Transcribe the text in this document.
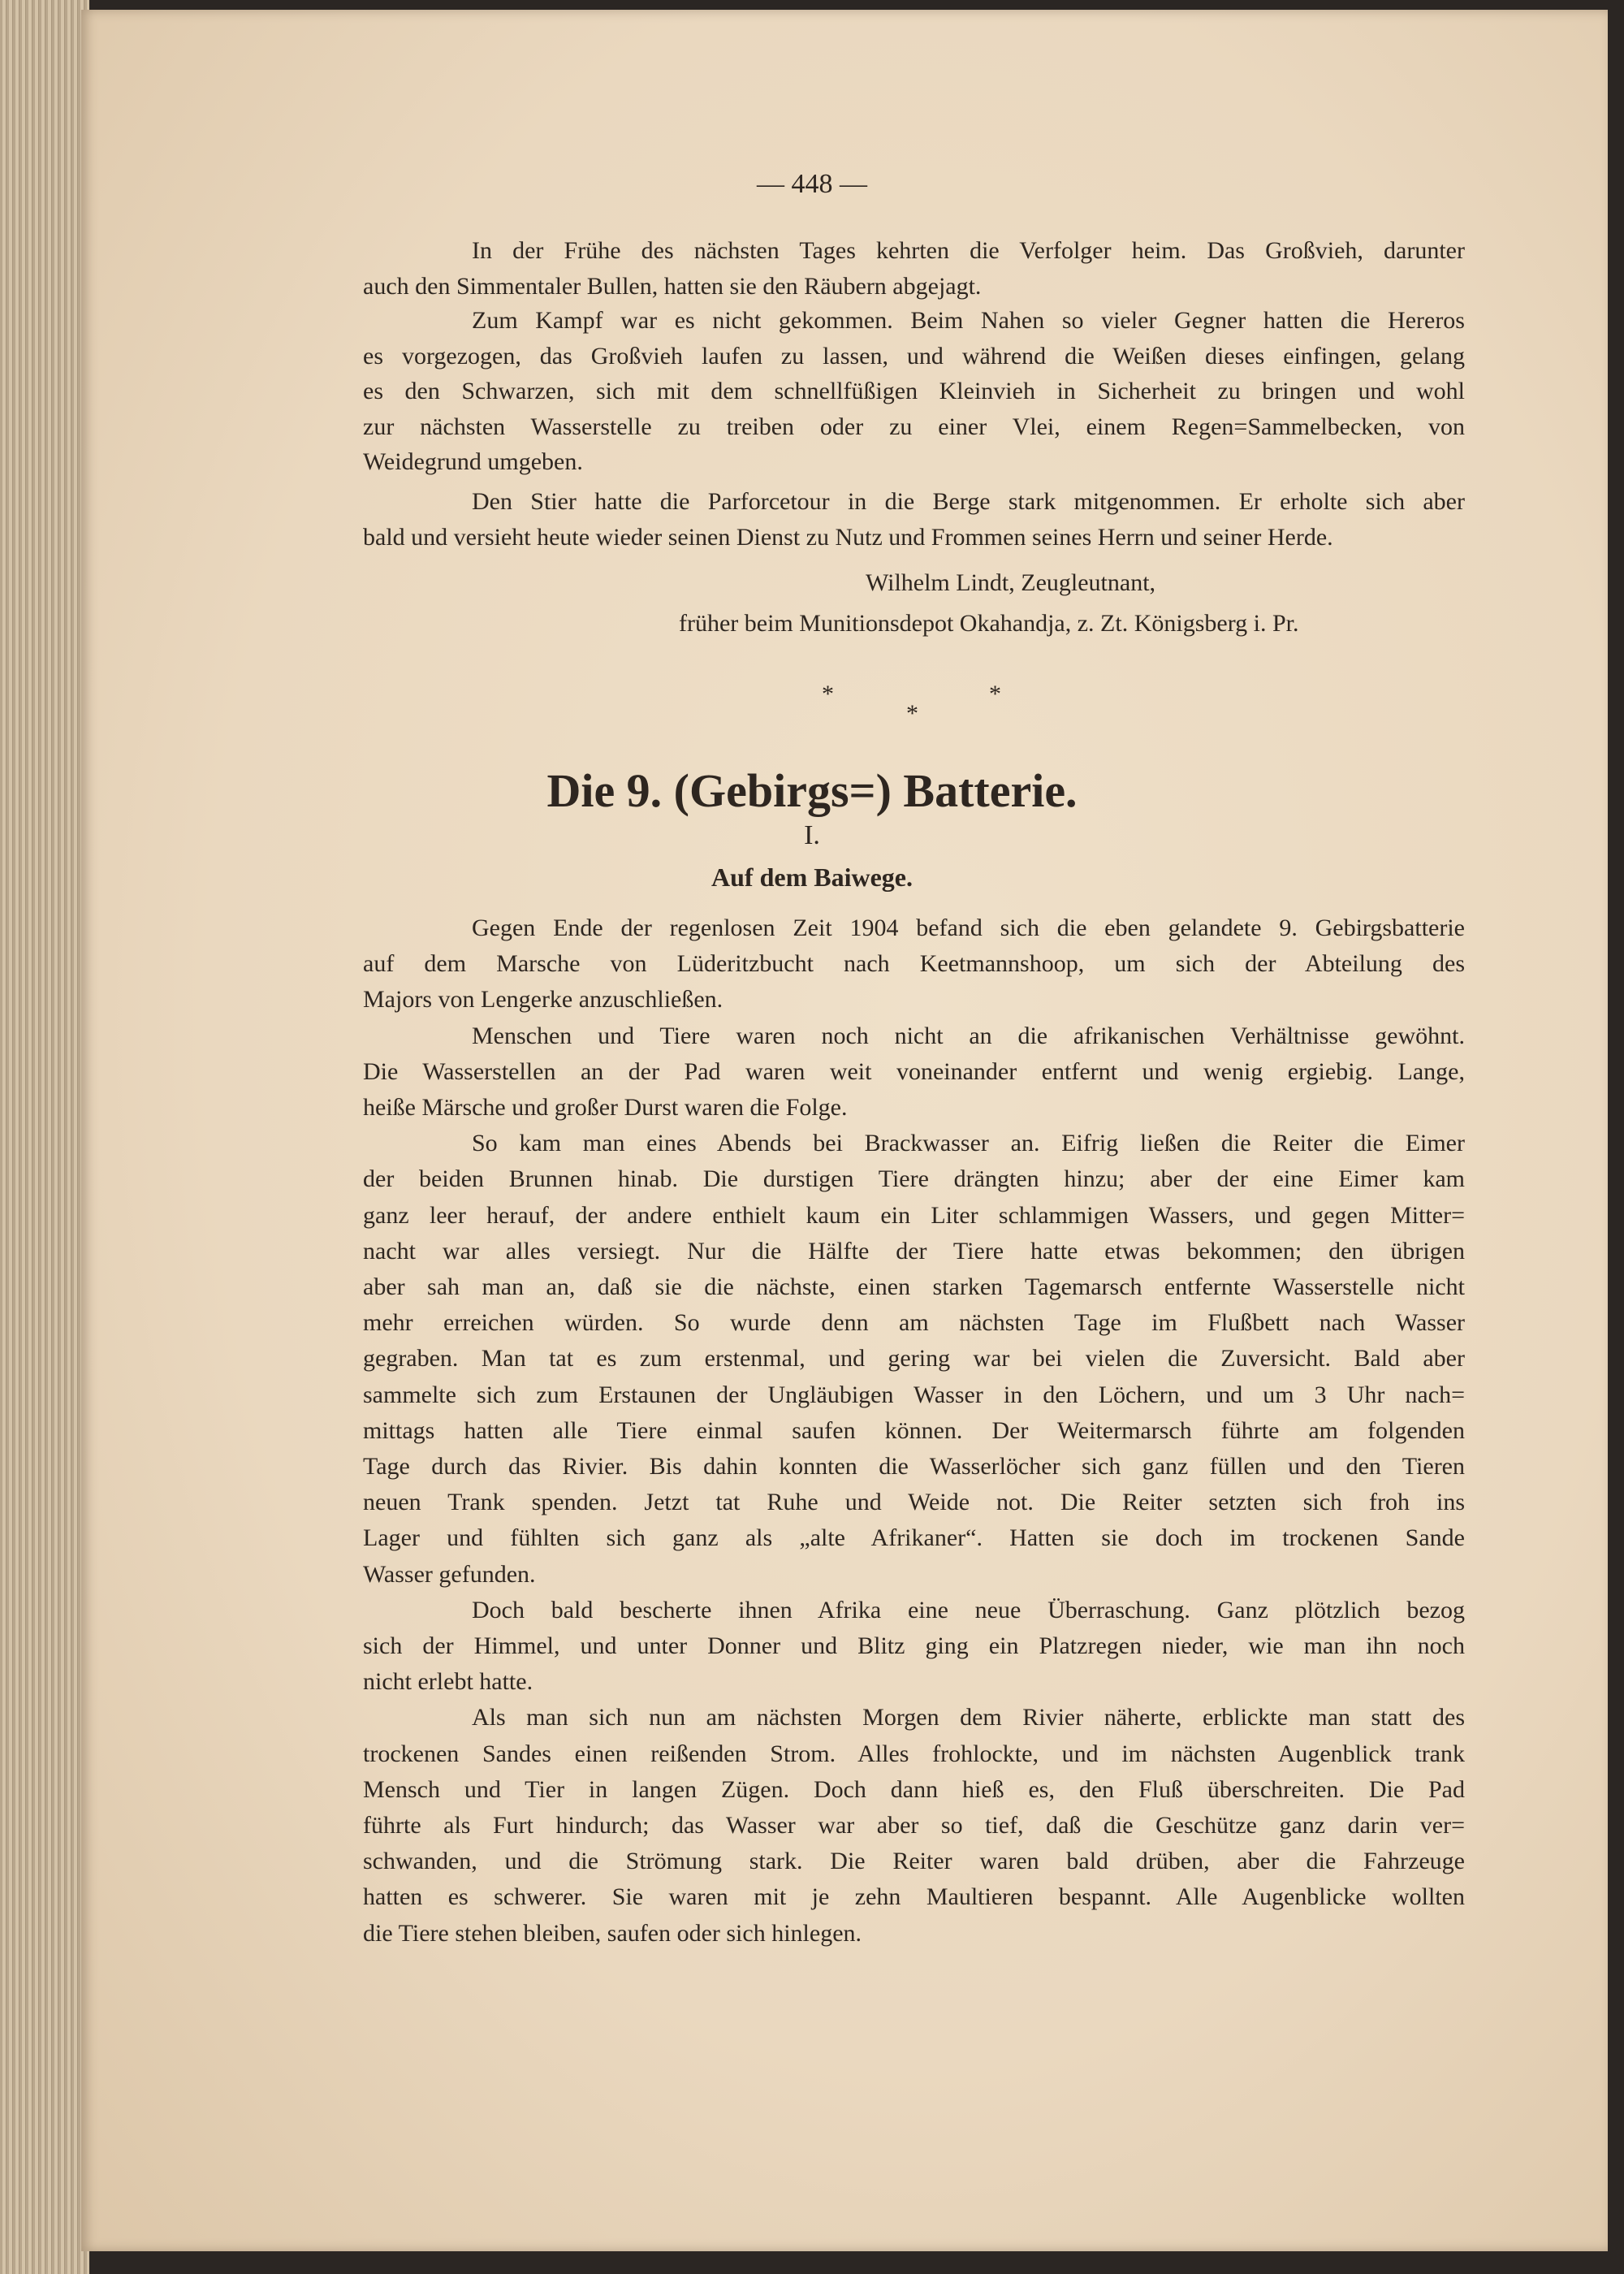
— 448 —
In der Frühe des nächsten Tages kehrten die Verfolger heim. Das Großvieh, darunter
auch den Simmentaler Bullen, hatten sie den Räubern abgejagt.
Zum Kampf war es nicht gekommen. Beim Nahen so vieler Gegner hatten die Hereros
es vorgezogen, das Großvieh laufen zu lassen, und während die Weißen dieses einfingen, gelang
es den Schwarzen, sich mit dem schnellfüßigen Kleinvieh in Sicherheit zu bringen und wohl
zur nächsten Wasserstelle zu treiben oder zu einer Vlei, einem Regen=Sammelbecken, von
Weidegrund umgeben.
Den Stier hatte die Parforcetour in die Berge stark mitgenommen. Er erholte sich aber
bald und versieht heute wieder seinen Dienst zu Nutz und Frommen seines Herrn und seiner Herde.
Wilhelm Lindt, Zeugleutnant,
früher beim Munitionsdepot Okahandja, z. Zt. Königsberg i. Pr.
*	*
*
Die 9. (Gebirgs=) Batterie.
I.
Auf dem Baiwege.
Gegen Ende der regenlosen Zeit 1904 befand sich die eben gelandete 9. Gebirgsbatterie
auf dem Marsche von Lüderitzbucht nach Keetmannshoop, um sich der Abteilung des
Majors von Lengerke anzuschließen.
Menschen und Tiere waren noch nicht an die afrikanischen Verhältnisse gewöhnt.
Die Wasserstellen an der Pad waren weit voneinander entfernt und wenig ergiebig. Lange,
heiße Märsche und großer Durst waren die Folge.
So kam man eines Abends bei Brackwasser an. Eifrig ließen die Reiter die Eimer
der beiden Brunnen hinab. Die durstigen Tiere drängten hinzu; aber der eine Eimer kam
ganz leer herauf, der andere enthielt kaum ein Liter schlammigen Wassers, und gegen Mitter=
nacht war alles versiegt. Nur die Hälfte der Tiere hatte etwas bekommen; den übrigen
aber sah man an, daß sie die nächste, einen starken Tagemarsch entfernte Wasserstelle nicht
mehr erreichen würden. So wurde denn am nächsten Tage im Flußbett nach Wasser
gegraben. Man tat es zum erstenmal, und gering war bei vielen die Zuversicht. Bald aber
sammelte sich zum Erstaunen der Ungläubigen Wasser in den Löchern, und um 3 Uhr nach=
mittags hatten alle Tiere einmal saufen können. Der Weitermarsch führte am folgenden
Tage durch das Rivier. Bis dahin konnten die Wasserlöcher sich ganz füllen und den Tieren
neuen Trank spenden. Jetzt tat Ruhe und Weide not. Die Reiter setzten sich froh ins
Lager und fühlten sich ganz als „alte Afrikaner“. Hatten sie doch im trockenen Sande
Wasser gefunden.
Doch bald bescherte ihnen Afrika eine neue Überraschung. Ganz plötzlich bezog
sich der Himmel, und unter Donner und Blitz ging ein Platzregen nieder, wie man ihn noch
nicht erlebt hatte.
Als man sich nun am nächsten Morgen dem Rivier näherte, erblickte man statt des
trockenen Sandes einen reißenden Strom. Alles frohlockte, und im nächsten Augenblick trank
Mensch und Tier in langen Zügen. Doch dann hieß es, den Fluß überschreiten. Die Pad
führte als Furt hindurch; das Wasser war aber so tief, daß die Geschütze ganz darin ver=
schwanden, und die Strömung stark. Die Reiter waren bald drüben, aber die Fahrzeuge
hatten es schwerer. Sie waren mit je zehn Maultieren bespannt. Alle Augenblicke wollten
die Tiere stehen bleiben, saufen oder sich hinlegen.
